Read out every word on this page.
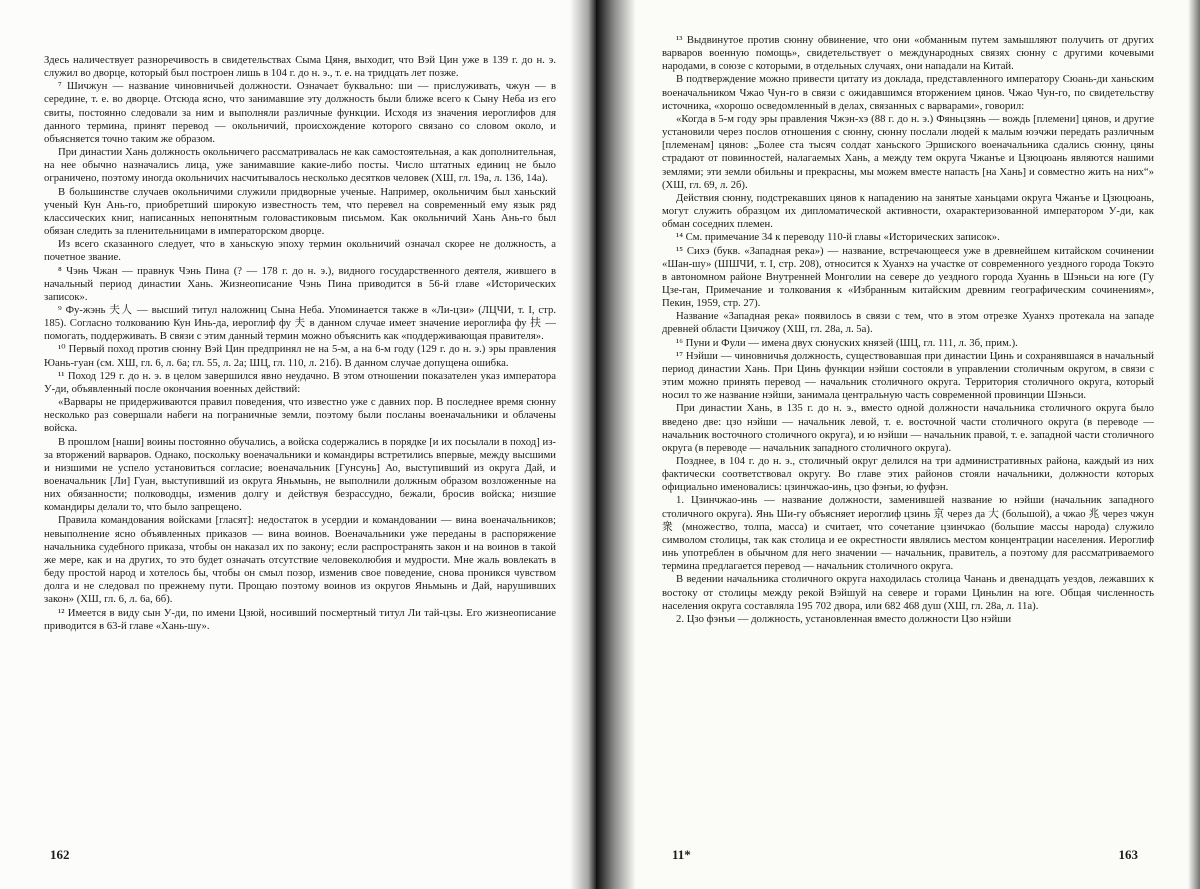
Здесь наличествует разноречивость в свидетельствах Сыма Цяня, выходит, что Вэй Цин уже в 139 г. до н. э. служил во дворце, который был построен лишь в 104 г. до н. э., т. е. на тридцать лет позже.

⁷ Шичжун — название чиновничьей должности. Означает буквально: ши — прислуживать, чжун — в середине, т. е. во дворце. Отсюда ясно, что занимавшие эту должность были ближе всего к Сыну Неба из его свиты, постоянно следовали за ним и выполняли различные функции. Исходя из значения иероглифов для данного термина, принят перевод — окольничий, происхождение которого связано со словом около, и объясняется точно таким же образом.

При династии Хань должность окольничего рассматривалась не как самостоятельная, а как дополнительная, на нее обычно назначались лица, уже занимавшие какие-либо посты. Число штатных единиц не было ограничено, поэтому иногда окольничих насчитывалось несколько десятков человек (ХШ, гл. 19а, л. 136, 14а).

В большинстве случаев окольничими служили придворные ученые. Например, окольничим был ханьский ученый Кун Ань-го, приобретший широкую известность тем, что перевел на современный ему язык ряд классических книг, написанных непонятным головастиковым письмом. Как окольничий Хань Ань-го был обязан следить за пленительницами в императорском дворце.

Из всего сказанного следует, что в ханьскую эпоху термин окольничий означал скорее не должность, а почетное звание.

⁸ Чэнь Чжан — правнук Чэнь Пина (? — 178 г. до н. э.), видного государственного деятеля, жившего в начальный период династии Хань. Жизнеописание Чэнь Пина приводится в 56-й главе «Исторических записок».

⁹ Фу-жэнь 夫人 — высший титул наложниц Сына Неба. Упоминается также в «Ли-цзи» (ЛЦЧИ, т. I, стр. 185). Согласно толкованию Кун Инь-да, иероглиф фу 夫 в данном случае имеет значение иероглифа фу 扶 — помогать, поддерживать. В связи с этим данный термин можно объяснить как «поддерживающая правителя».

¹⁰ Первый поход против сюнну Вэй Цин предпринял не на 5-м, а на 6-м году (129 г. до н. э.) эры правления Юань-гуан (см. ХШ, гл. 6, л. 6а; гл. 55, л. 2а; ШЦ, гл. 110, л. 21б). В данном случае допущена ошибка.

¹¹ Поход 129 г. до н. э. в целом завершился явно неудачно. В этом отношении показателен указ императора У-ди, объявленный после окончания военных действий:

«Варвары не придерживаются правил поведения, что известно уже с давних пор. В последнее время сюнну несколько раз совершали набеги на пограничные земли, поэтому были посланы военачальники и облачены войска.

В прошлом [наши] воины постоянно обучались, а войска содержались в порядке [и их посылали в поход] из-за вторжений варваров. Однако, поскольку военачальники и командиры встретились впервые, между высшими и низшими не успело установиться согласие; военачальник [Гунсунь] Ао, выступивший из округа Дай, и военачальник [Ли] Гуан, выступивший из округа Яньмынь, не выполнили должным образом возложенные на них обязанности; полководцы, изменив долгу и действуя безрассудно, бежали, бросив войска; низшие командиры делали то, что было запрещено.

Правила командования войсками [гласят]: недостаток в усердии и командовании — вина военачальников; невыполнение ясно объявленных приказов — вина воинов. Военачальники уже переданы в распоряжение начальника судебного приказа, чтобы он наказал их по закону; если распространять закон и на воинов в такой же мере, как и на других, то это будет означать отсутствие человеколюбия и мудрости. Мне жаль вовлекать в беду простой народ и хотелось бы, чтобы он смыл позор, изменив свое поведение, снова проникся чувством долга и не следовал по прежнему пути. Прощаю поэтому воинов из округов Яньмынь и Дай, нарушивших закон» (ХШ, гл. 6, л. 6а, 6б).

¹² Имеется в виду сын У-ди, по имени Цзюй, носивший посмертный титул Ли тай-цзы. Его жизнеописание приводится в 63-й главе «Хань-шу».

162

¹³ Выдвинутое против сюнну обвинение, что они «обманным путем замышляют получить от других варваров военную помощь», свидетельствует о международных связях сюнну с другими кочевыми народами, в союзе с которыми, в отдельных случаях, они нападали на Китай.

В подтверждение можно привести цитату из доклада, представленного императору Сюань-ди ханьским военачальником Чжао Чун-го в связи с ожидавшимся вторжением цянов. Чжао Чун-го, по свидетельству источника, «хорошо осведомленный в делах, связанных с варварами», говорил:

«Когда в 5-м году эры правления Чжэн-хэ (88 г. до н. э.) Фяньцзянь — вождь [племени] цянов, и другие установили через послов отношения с сюнну, сюнну послали людей к малым юэчжи передать различным [племенам] цянов: „Более ста тысяч солдат ханьского Эршиского военачальника сдались сюнну, цяны страдают от повинностей, налагаемых Хань, а между тем округа Чжанъе и Цзюцюань являются нашими землями; эти земли обильны и прекрасны, мы можем вместе напасть [на Хань] и совместно жить на них“» (ХШ, гл. 69, л. 2б).

Действия сюнну, подстрекавших цянов к нападению на занятые ханьцами округа Чжанъе и Цзюцюань, могут служить образцом их дипломатической активности, охарактеризованной императором У-ди, как обман соседних племен.

¹⁴ См. примечание 34 к переводу 110-й главы «Исторических записок».

¹⁵ Сихэ (букв. «Западная река») — название, встречающееся уже в древнейшем китайском сочинении «Шан-шу» (ШШЧИ, т. I, стр. 208), относится к Хуанхэ на участке от современного уездного города Токэто в автономном районе Внутренней Монголии на севере до уездного города Хуаннь в Шэньси на юге (Гу Цзе-ган, Примечание и толкования к «Избранным китайским древним географическим сочинениям», Пекин, 1959, стр. 27).

Название «Западная река» появилось в связи с тем, что в этом отрезке Хуанхэ протекала на западе древней области Цзичжоу (ХШ, гл. 28а, л. 5а).

¹⁶ Пуни и Фули — имена двух сюнуских князей (ШЦ, гл. 111, л. 3б, прим.).

¹⁷ Нэйши — чиновничья должность, существовавшая при династии Цинь и сохранявшаяся в начальный период династии Хань. При Цинь функции нэйши состояли в управлении столичным округом, в связи с этим можно принять перевод — начальник столичного округа. Территория столичного округа, который носил то же название нэйши, занимала центральную часть современной провинции Шэньси.

При династии Хань, в 135 г. до н. э., вместо одной должности начальника столичного округа было введено две: цзо нэйши — начальник левой, т. е. восточной части столичного округа (в переводе — начальник восточного столичного округа), и ю нэйши — начальник правой, т. е. западной части столичного округа (в переводе — начальник западного столичного округа).

Позднее, в 104 г. до н. э., столичный округ делился на три административных района, каждый из них фактически соответствовал округу. Во главе этих районов стояли начальники, должности которых официально именовались: цзинчжао-инь, цзо фэнъи, ю фуфэн.

1. Цзинчжао-инь — название должности, заменившей название ю нэйши (начальник западного столичного округа). Янь Ши-гу объясняет иероглиф цзинь 京 через да 大 (большой), а чжао 兆 через чжун 衆 (множество, толпа, масса) и считает, что сочетание цзинчжао (большие массы народа) служило символом столицы, так как столица и ее окрестности являлись местом концентрации населения. Иероглиф инь употреблен в обычном для него значении — начальник, правитель, а поэтому для рассматриваемого термина предлагается перевод — начальник столичного округа.

В ведении начальника столичного округа находилась столица Чанань и двенадцать уездов, лежавших к востоку от столицы между рекой Вэйшуй на севере и горами Циньлин на юге. Общая численность населения округа составляла 195 702 двора, или 682 468 душ (ХШ, гл. 28а, л. 11а).

2. Цзо фэнъи — должность, установленная вместо должности Цзо нэйши

11*	163
